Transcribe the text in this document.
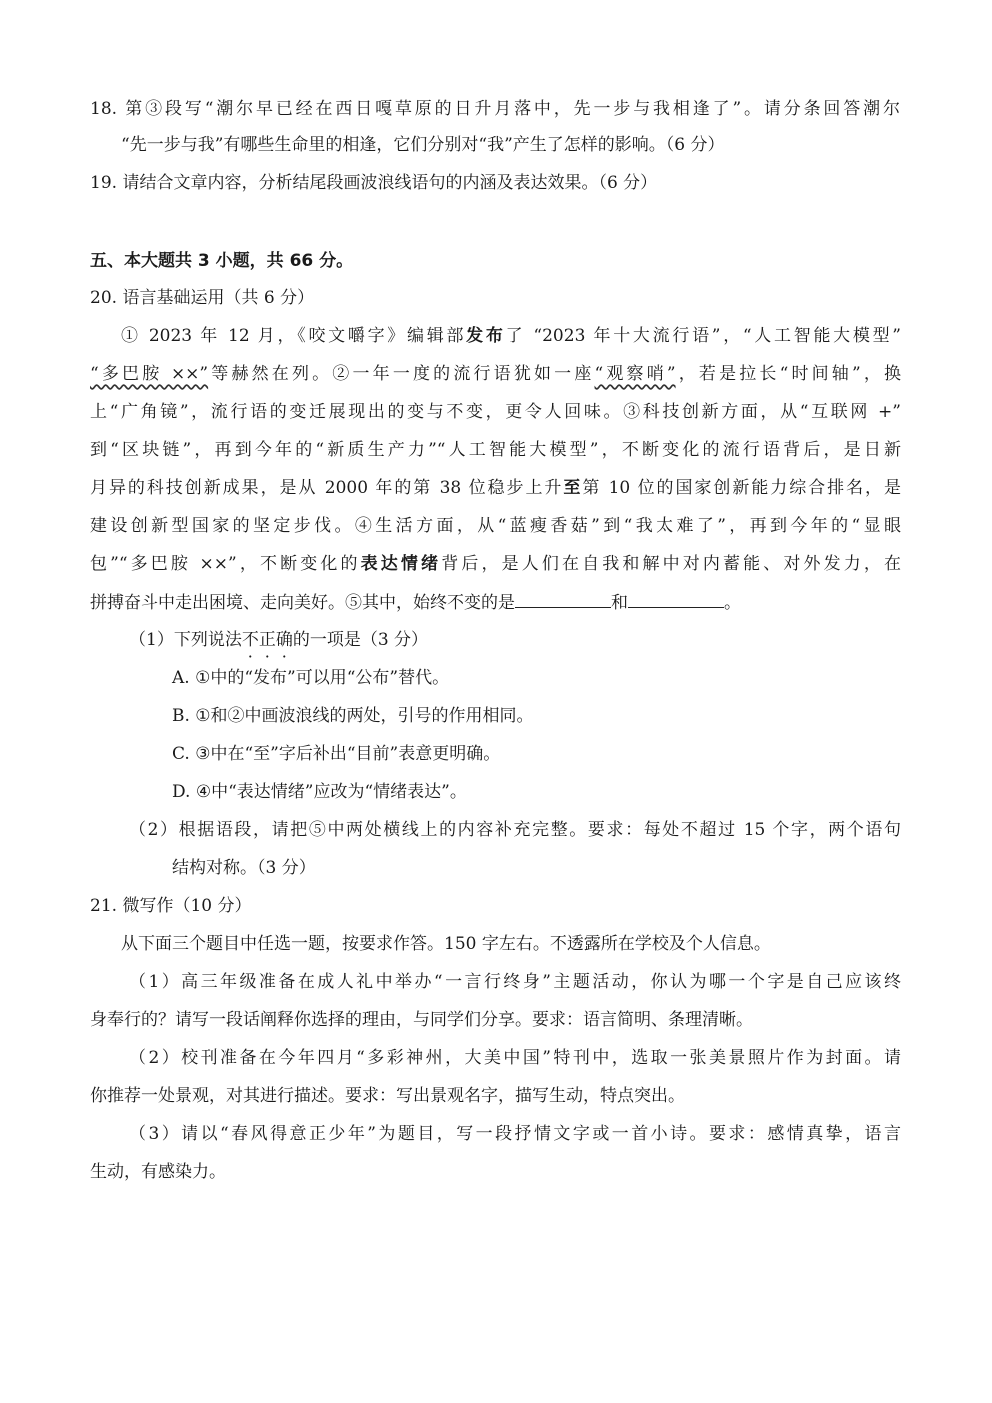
18. 第③段写“潮尔早已经在西日嘎草原的日升月落中，先一步与我相逢了”。请分条回答潮尔
“先一步与我”有哪些生命里的相逢，它们分别对“我”产生了怎样的影响。（6 分）
19. 请结合文章内容，分析结尾段画波浪线语句的内涵及表达效果。（6 分）
五、本大题共 3 小题，共 66 分。
20. 语言基础运用（共 6 分）
① 2023 年 12 月，《咬文嚼字》编辑部发布了 “2023 年十大流行语”，“人工智能大模型”
“多巴胺 ××”等赫然在列。②一年一度的流行语犹如一座“观察哨”，若是拉长“时间轴”，换
上“广角镜”，流行语的变迁展现出的变与不变，更令人回味。③科技创新方面，从“互联网 +”
到“区块链”，再到今年的“新质生产力”“人工智能大模型”，不断变化的流行语背后，是日新
月异的科技创新成果，是从 2000 年的第 38 位稳步上升至第 10 位的国家创新能力综合排名，是
建设创新型国家的坚定步伐。④生活方面，从“蓝瘦香菇”到“我太难了”，再到今年的“显眼
包”“多巴胺 ××”，不断变化的表达情绪背后，是人们在自我和解中对内蓄能、对外发力，在
拼搏奋斗中走出困境、走向美好。⑤其中，始终不变的是	和	。
（1）下列说法不正确的一项是（3 分）
A. ①中的“发布”可以用“公布”替代。
B. ①和②中画波浪线的两处，引号的作用相同。
C. ③中在“至”字后补出“目前”表意更明确。
D. ④中“表达情绪”应改为“情绪表达”。
（2）根据语段，请把⑤中两处横线上的内容补充完整。要求：每处不超过 15 个字，两个语句
结构对称。（3 分）
21. 微写作（10 分）
从下面三个题目中任选一题，按要求作答。150 字左右。不透露所在学校及个人信息。
（1）高三年级准备在成人礼中举办“一言行终身”主题活动，你认为哪一个字是自己应该终
身奉行的？请写一段话阐释你选择的理由，与同学们分享。要求：语言简明、条理清晰。
（2）校刊准备在今年四月“多彩神州，大美中国”特刊中，选取一张美景照片作为封面。请
你推荐一处景观，对其进行描述。要求：写出景观名字，描写生动，特点突出。
（3）请以“春风得意正少年”为题目，写一段抒情文字或一首小诗。要求：感情真挚，语言
生动，有感染力。
